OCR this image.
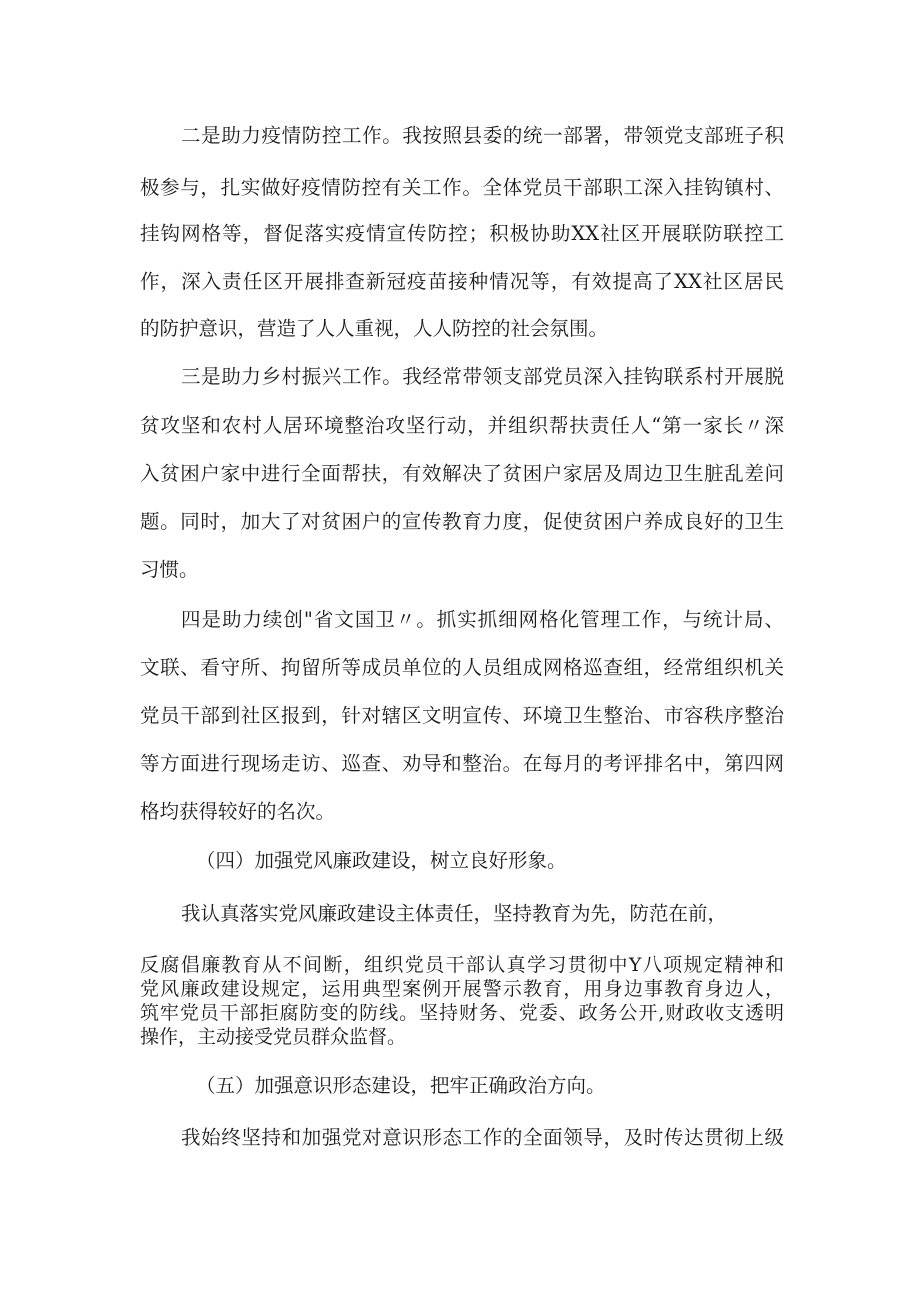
二是助力疫情防控工作。我按照县委的统一部署，带领党支部班子积
极参与，扎实做好疫情防控有关工作。全体党员干部职工深入挂钩镇村、
挂钩网格等，督促落实疫情宣传防控；积极协助XX社区开展联防联控工
作，深入责任区开展排查新冠疫苗接种情况等，有效提高了XX社区居民
的防护意识，营造了人人重视，人人防控的社会氛围。
三是助力乡村振兴工作。我经常带领支部党员深入挂钩联系村开展脱
贫攻坚和农村人居环境整治攻坚行动，并组织帮扶责任人“第一家长〃深
入贫困户家中进行全面帮扶，有效解决了贫困户家居及周边卫生脏乱差问
题。同时，加大了对贫困户的宣传教育力度，促使贫困户养成良好的卫生
习惯。
四是助力续创"省文国卫〃。抓实抓细网格化管理工作，与统计局、
文联、看守所、拘留所等成员单位的人员组成网格巡查组，经常组织机关
党员干部到社区报到，针对辖区文明宣传、环境卫生整治、市容秩序整治
等方面进行现场走访、巡查、劝导和整治。在每月的考评排名中，第四网
格均获得较好的名次。
（四）加强党风廉政建设，树立良好形象。
我认真落实党风廉政建设主体责任，坚持教育为先，防范在前，
反腐倡廉教育从不间断，组织党员干部认真学习贯彻中Y八项规定精神和
党风廉政建设规定，运用典型案例开展警示教育，用身边事教育身边人，
筑牢党员干部拒腐防变的防线。坚持财务、党委、政务公开,财政收支透明
操作，主动接受党员群众监督。
（五）加强意识形态建设，把牢正确政治方向。
我始终坚持和加强党对意识形态工作的全面领导，及时传达贯彻上级
